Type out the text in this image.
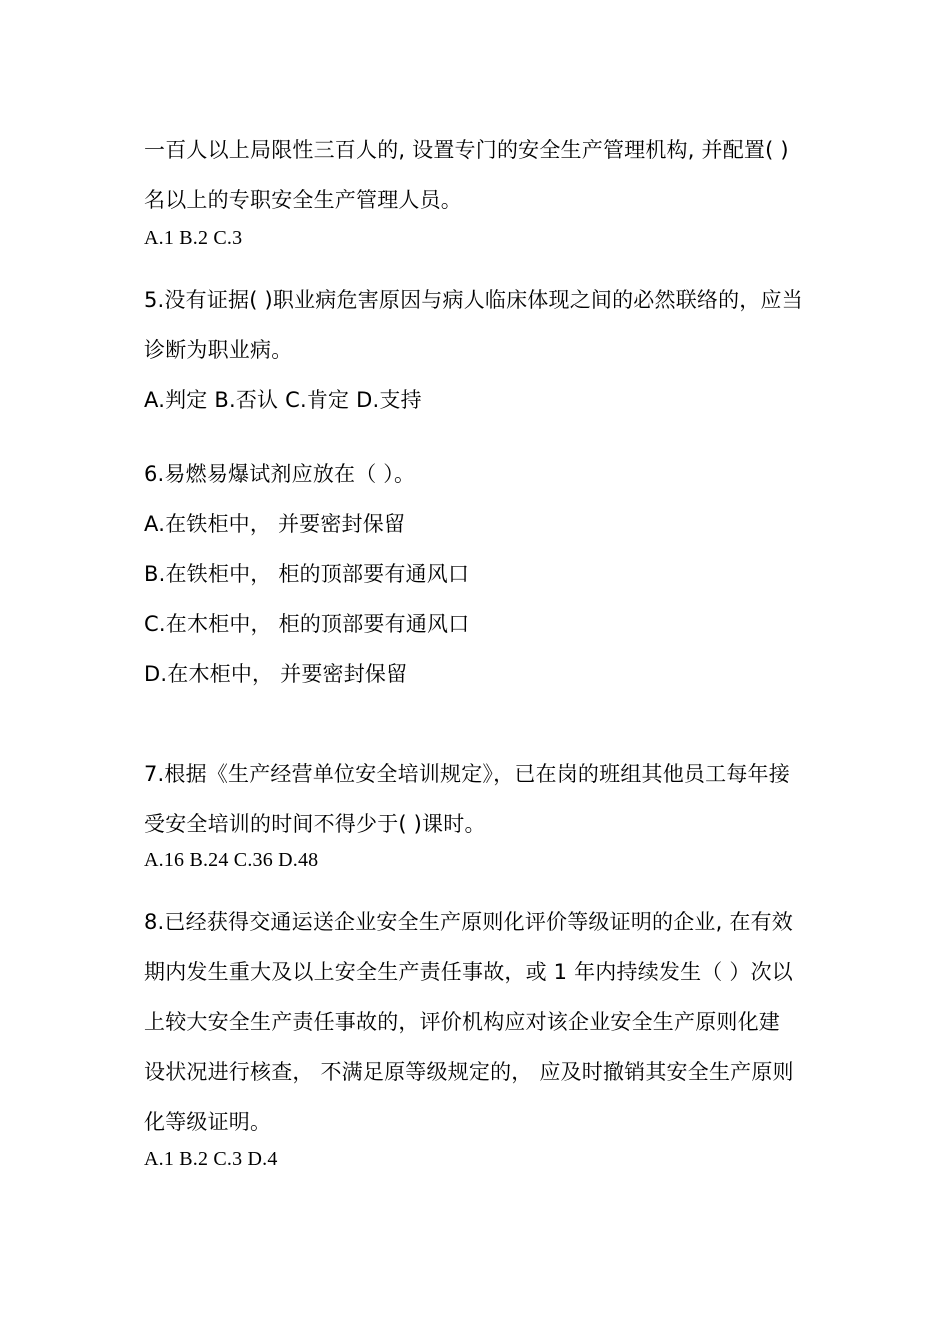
一百人以上局限性三百人的, 设置专门的安全生产管理机构, 并配置( )
名以上的专职安全生产管理人员。
A.1 B.2 C.3
5.没有证据( )职业病危害原因与病人临床体现之间的必然联络的，应当
诊断为职业病。
A.判定 B.否认 C.肯定 D.支持
6.易燃易爆试剂应放在（ ）。
A.在铁柜中， 并要密封保留
B.在铁柜中， 柜的顶部要有通风口
C.在木柜中， 柜的顶部要有通风口
D.在木柜中， 并要密封保留
7.根据《生产经营单位安全培训规定》，已在岗的班组其他员工每年接
受安全培训的时间不得少于( )课时。
A.16 B.24 C.36 D.48
8.已经获得交通运送企业安全生产原则化评价等级证明的企业, 在有效
期内发生重大及以上安全生产责任事故，或 1 年内持续发生（ ）次以
上较大安全生产责任事故的，评价机构应对该企业安全生产原则化建
设状况进行核查， 不满足原等级规定的， 应及时撤销其安全生产原则
化等级证明。
A.1 B.2 C.3 D.4
